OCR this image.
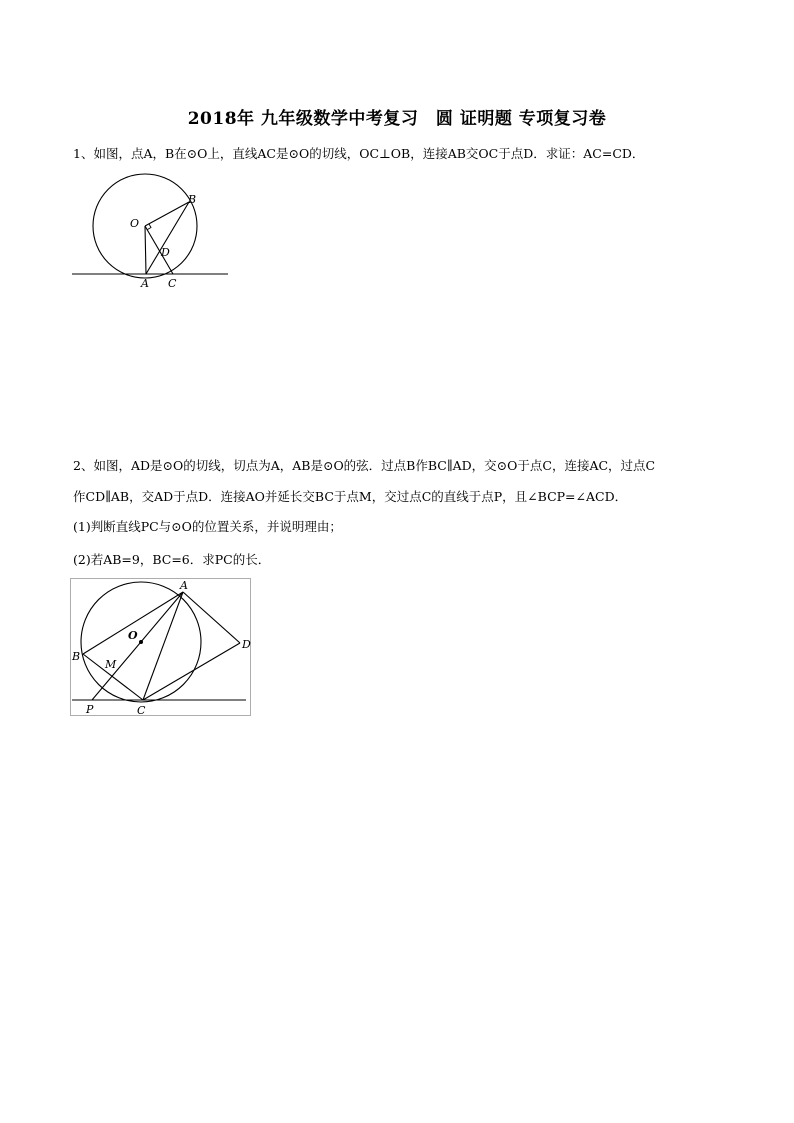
2018年 九年级数学中考复习　圆 证明题 专项复习卷
1、如图，点A，B在⊙O上，直线AC是⊙O的切线，OC⊥OB，连接AB交OC于点D．求证：AC=CD．
O
B
D
A C
2、如图，AD是⊙O的切线，切点为A，AB是⊙O的弦．过点B作BC∥AD，交⊙O于点C，连接AC，过点C
作CD∥AB，交AD于点D．连接AO并延长交BC于点M，交过点C的直线于点P，且∠BCP=∠ACD．
(1)判断直线PC与⊙O的位置关系，并说明理由；
(2)若AB=9，BC=6．求PC的长．
A
O
B
M
D
P	C
